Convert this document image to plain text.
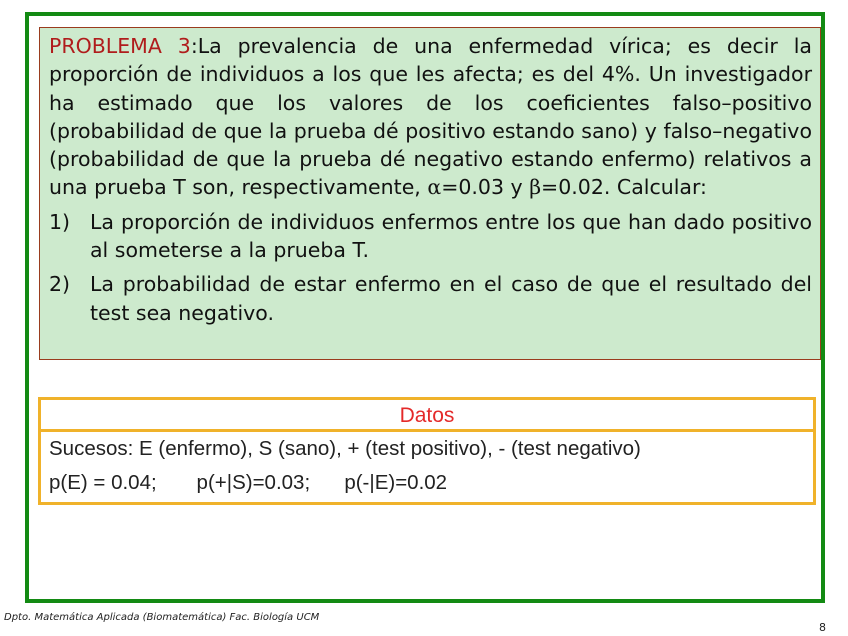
PROBLEMA 3:La prevalencia de una enfermedad vírica; es decir la proporción de individuos a los que les afecta; es del 4%. Un investigador ha estimado que los valores de los coeficientes falso–positivo (probabilidad de que la prueba dé positivo estando sano) y falso–negativo (probabilidad de que la prueba dé negativo estando enfermo) relativos a una prueba T son, respectivamente, α=0.03 y β=0.02. Calcular:

1) La proporción de individuos enfermos entre los que han dado positivo al someterse a la prueba T.
2) La probabilidad de estar enfermo en el caso de que el resultado del test sea negativo.
Datos
Sucesos: E (enfermo), S (sano), + (test positivo), - (test negativo)
p(E) = 0.04;       p(+|S)=0.03;      p(-|E)=0.02
Dpto. Matemática Aplicada (Biomatemática) Fac. Biología UCM
8
